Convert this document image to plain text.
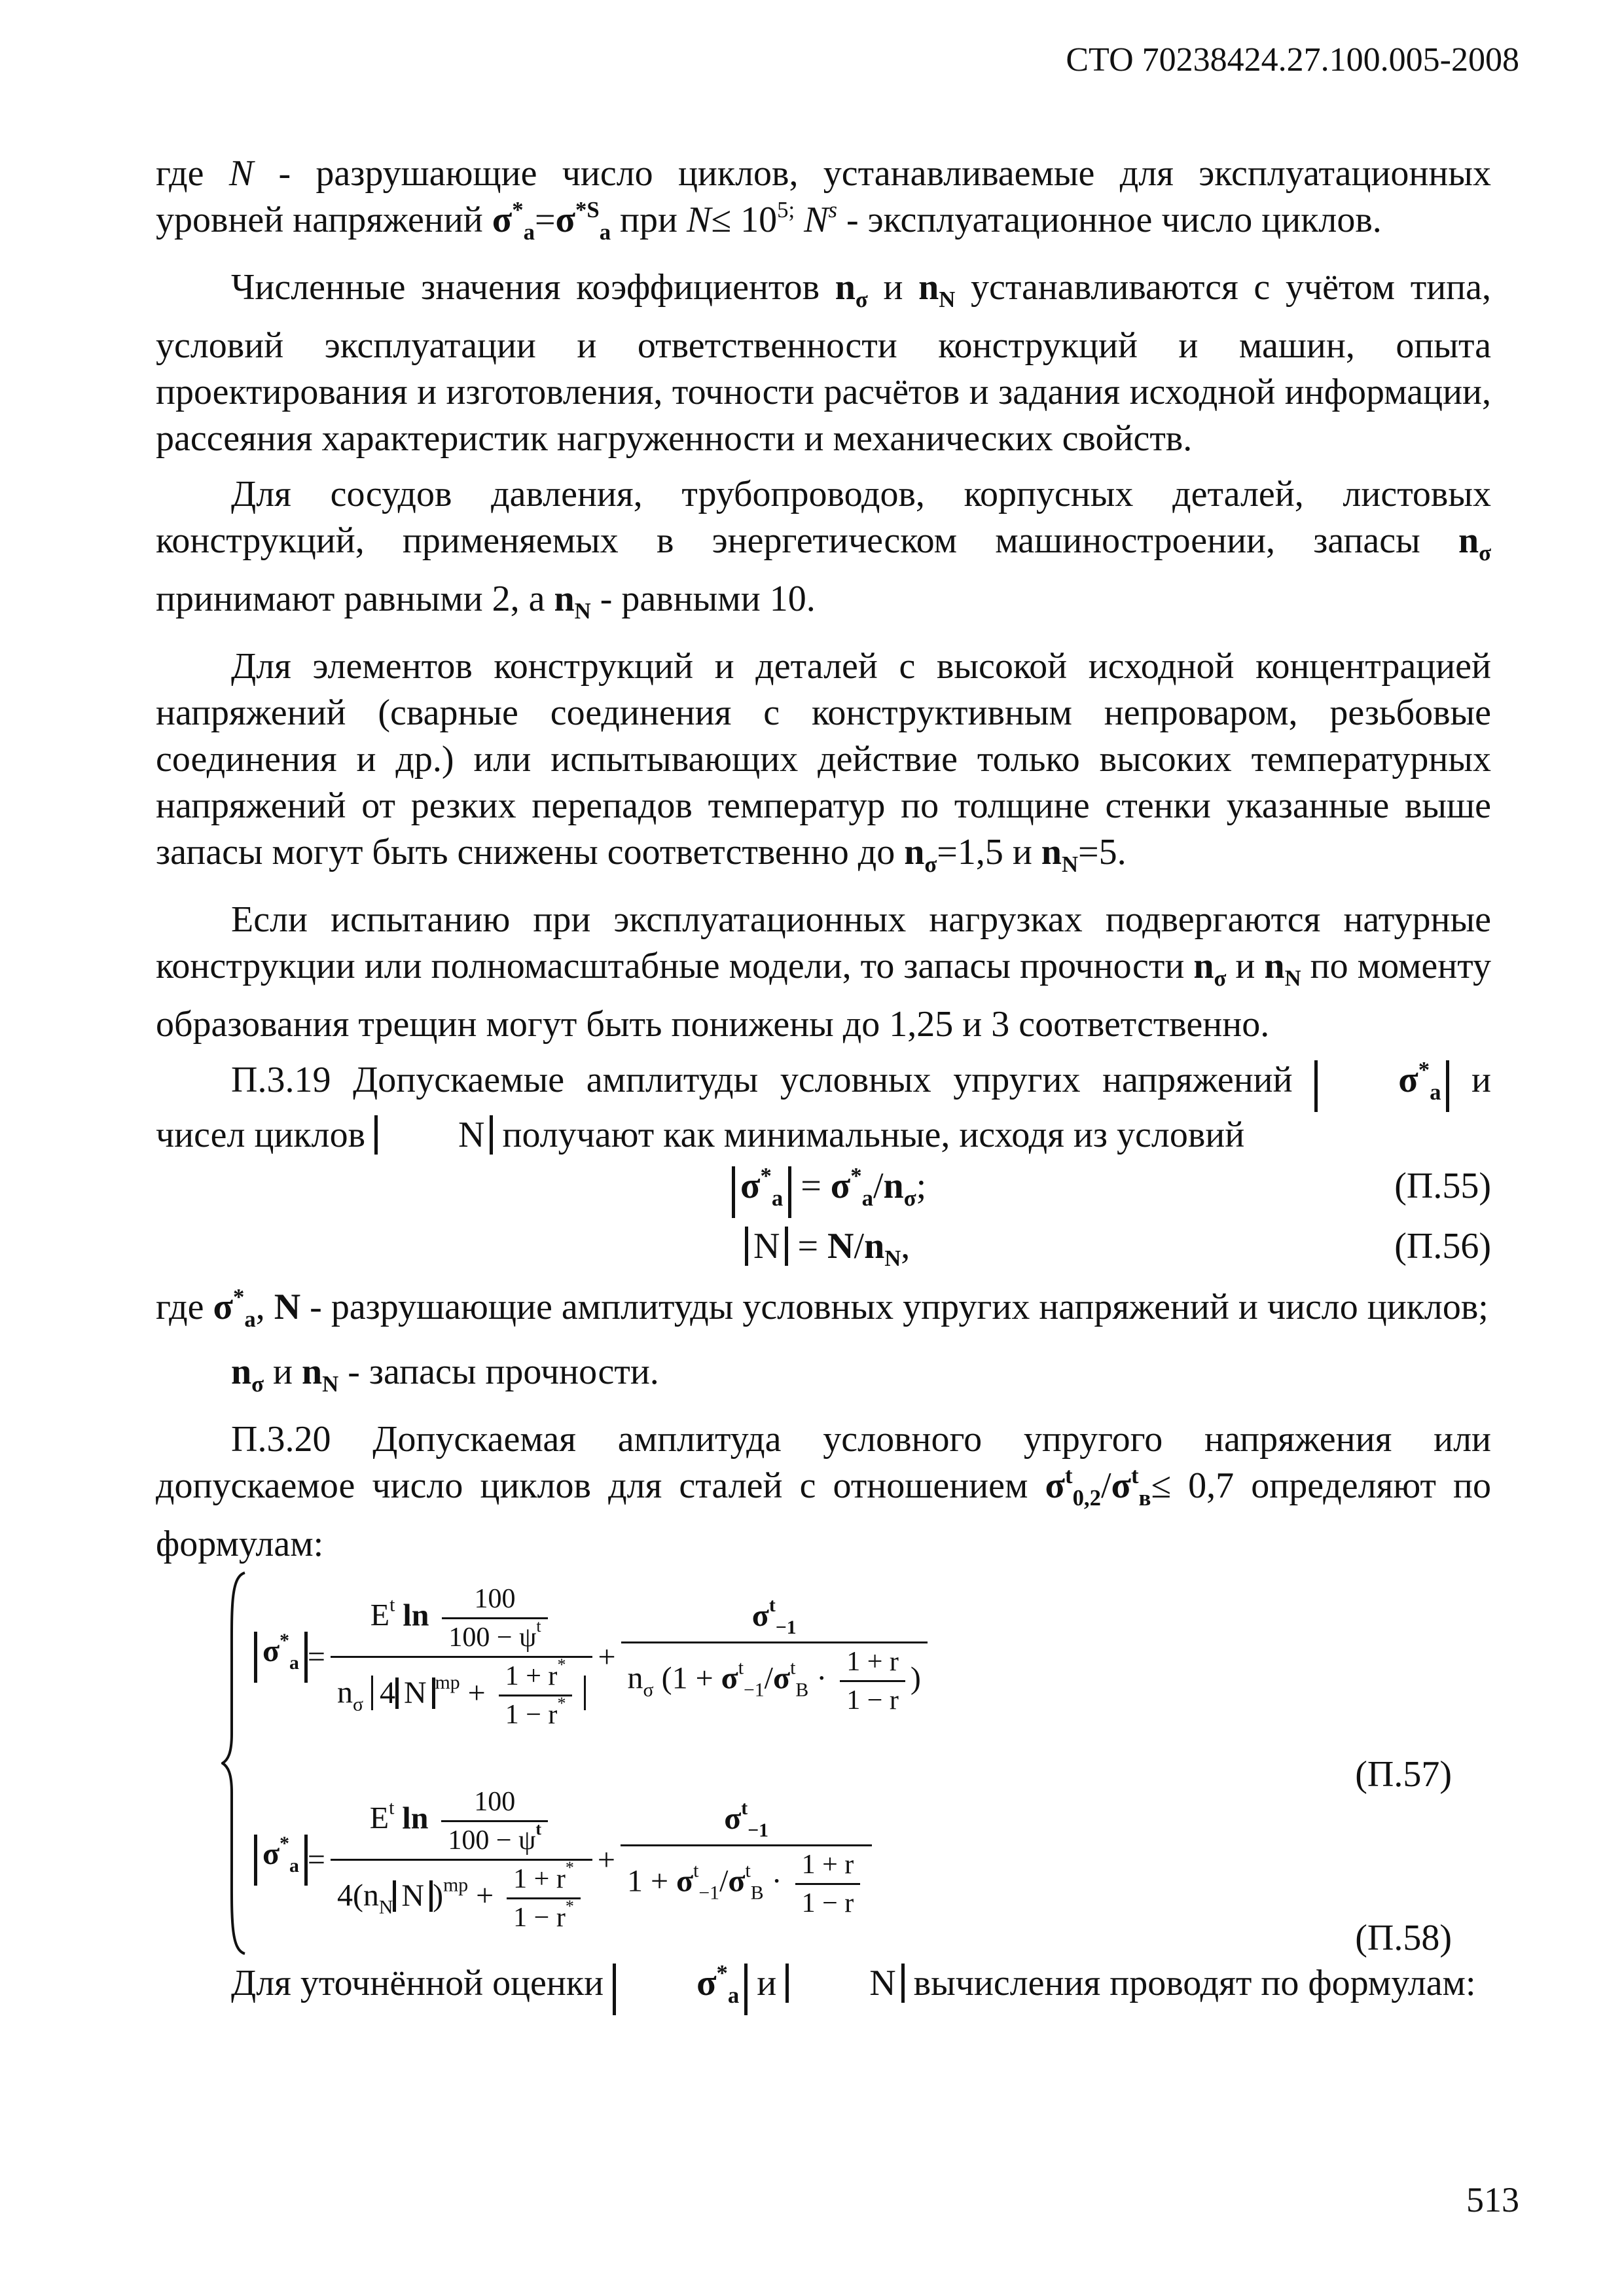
СТО 70238424.27.100.005-2008

где N - разрушающие число циклов, устанавливаемые для эксплуатационных уровней напряжений $\sigma^*_a=\sigma^{*S}_a$ при $N\le 10^{5;}$ $N^s$ - эксплуатационное число циклов.

Численные значения коэффициентов $n_\sigma$ и $n_N$ устанавливаются с учётом типа, условий эксплуатации и ответственности конструкций и машин, опыта проектирования и изготовления, точности расчётов и задания исходной информации, рассеяния характеристик нагруженности и механических свойств.

Для сосудов давления, трубопроводов, корпусных деталей, листовых конструкций, применяемых в энергетическом машиностроении, запасы $n_\sigma$ принимают равными 2, а $n_N$ - равными 10.

Для элементов конструкций и деталей с высокой исходной концентрацией напряжений (сварные соединения с конструктивным непроваром, резьбовые соединения и др.) или испытывающих действие только высоких температурных напряжений от резких перепадов температур по толщине стенки указанные выше запасы могут быть снижены соответственно до $n_\sigma=1,5$ и $n_N=5$.

Если испытанию при эксплуатационных нагрузках подвергаются натурные конструкции или полномасштабные модели, то запасы прочности $n_\sigma$ и $n_N$ по моменту образования трещин могут быть понижены до 1,25 и 3 соответственно.

П.3.19 Допускаемые амплитуды условных упругих напряжений $\sigma^*_a$ и чисел циклов N получают как минимальные, исходя из условий

$\sigma^*_a = \sigma^*_a/n_\sigma$;	(П.55)
$N = N/n_N$,	(П.56)

где $\sigma^*_a$, N - разрушающие амплитуды условных упругих напряжений и число циклов;

$n_\sigma$ и $n_N$ - запасы прочности.

П.3.20 Допускаемая амплитуда условного упругого напряжения или допускаемое число циклов для сталей с отношением $\sigma^t_{0,2}/\sigma^t_в\le 0,7$ определяют по формулам:

$\sigma^*_a$ =
$E^t$ $\ln \frac{100}{100 - \psi^t}$
$n_\sigma$ 4 N $^{mp} + \frac{1 + r^*}{1 - r^*}$
+
$\sigma^t_{-1}$
$n_\sigma$ ($1 + \sigma^t_{-1}/\sigma^t_B \cdot \frac{1 + r}{1 - r}$ )
(П.57)
$\sigma^*_a = \frac{E^t \ln \frac{100}{100 - \psi^t}}{4(n_N N )^{mp} + \frac{1 + r^*}{1 - r^*}}$ +
$\sigma^t_{-1}$
$1 + \sigma^t_{-1}/\sigma^t_B \cdot \frac{1 + r}{1 - r}$
(П.58)

Для уточнённой оценки $\sigma^*_a$ и N вычисления проводят по формулам:

513
